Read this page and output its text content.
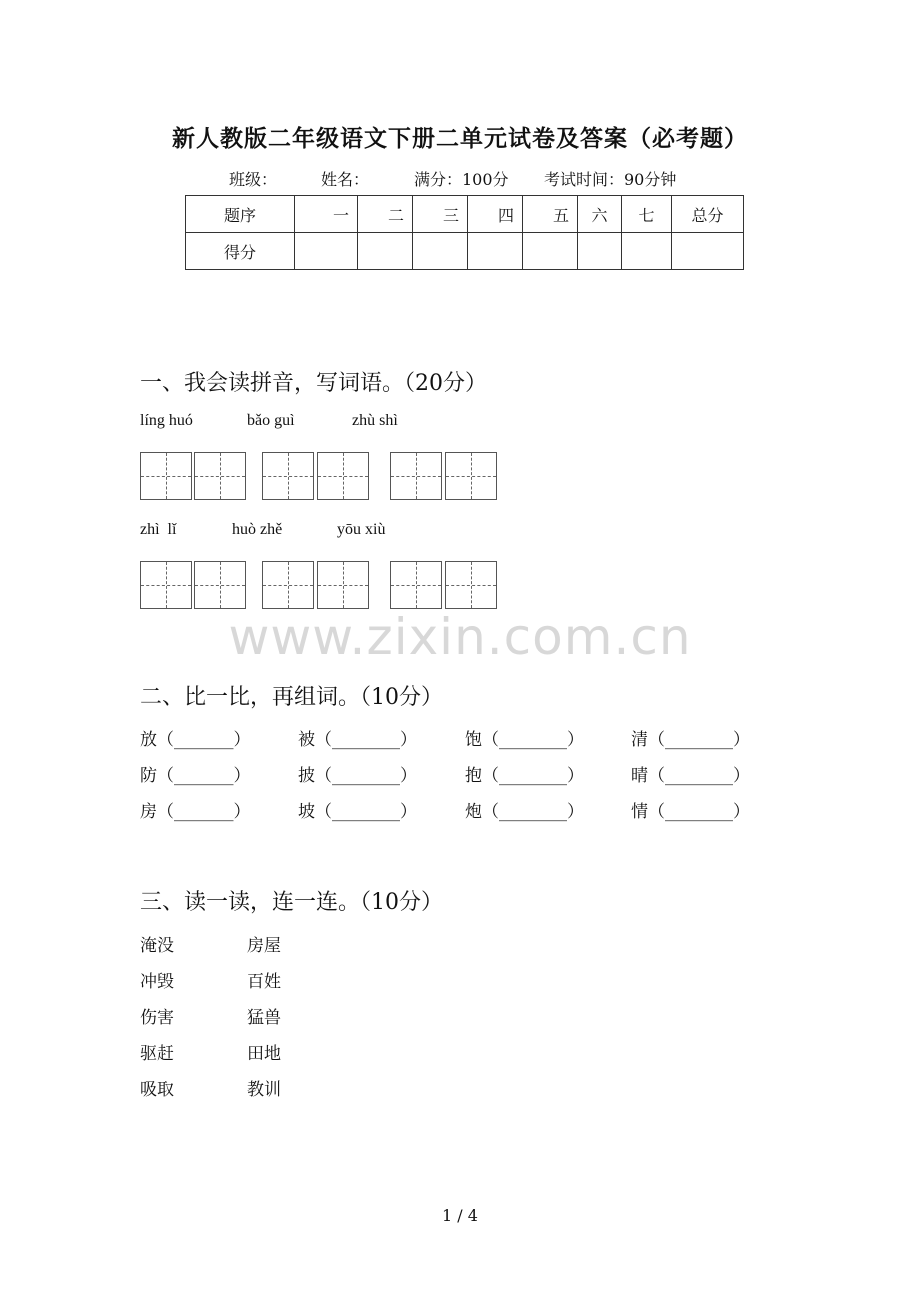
新人教版二年级语文下册二单元试卷及答案（必考题）
班级：	姓名：	满分：100分 考试时间：90分钟
题序	一	二	三	四	五	六	七	总分
得分								
一、我会读拼音，写词语。（20分）
líng huó	bǎo guì	zhù shì
zhì  lǐ	huò zhě	yōu xiù
www.zixin.com.cn
二、比一比，再组词。（10分）
放（_______）	被（________）	饱（________）	清（________）
防（_______）	披（________）	抱（________）	晴（________）
房（_______）	坡（________）	炮（________）	情（________）
三、读一读，连一连。（10分）
淹没	房屋
冲毁	百姓
伤害	猛兽
驱赶	田地
吸取	教训
1 / 4
